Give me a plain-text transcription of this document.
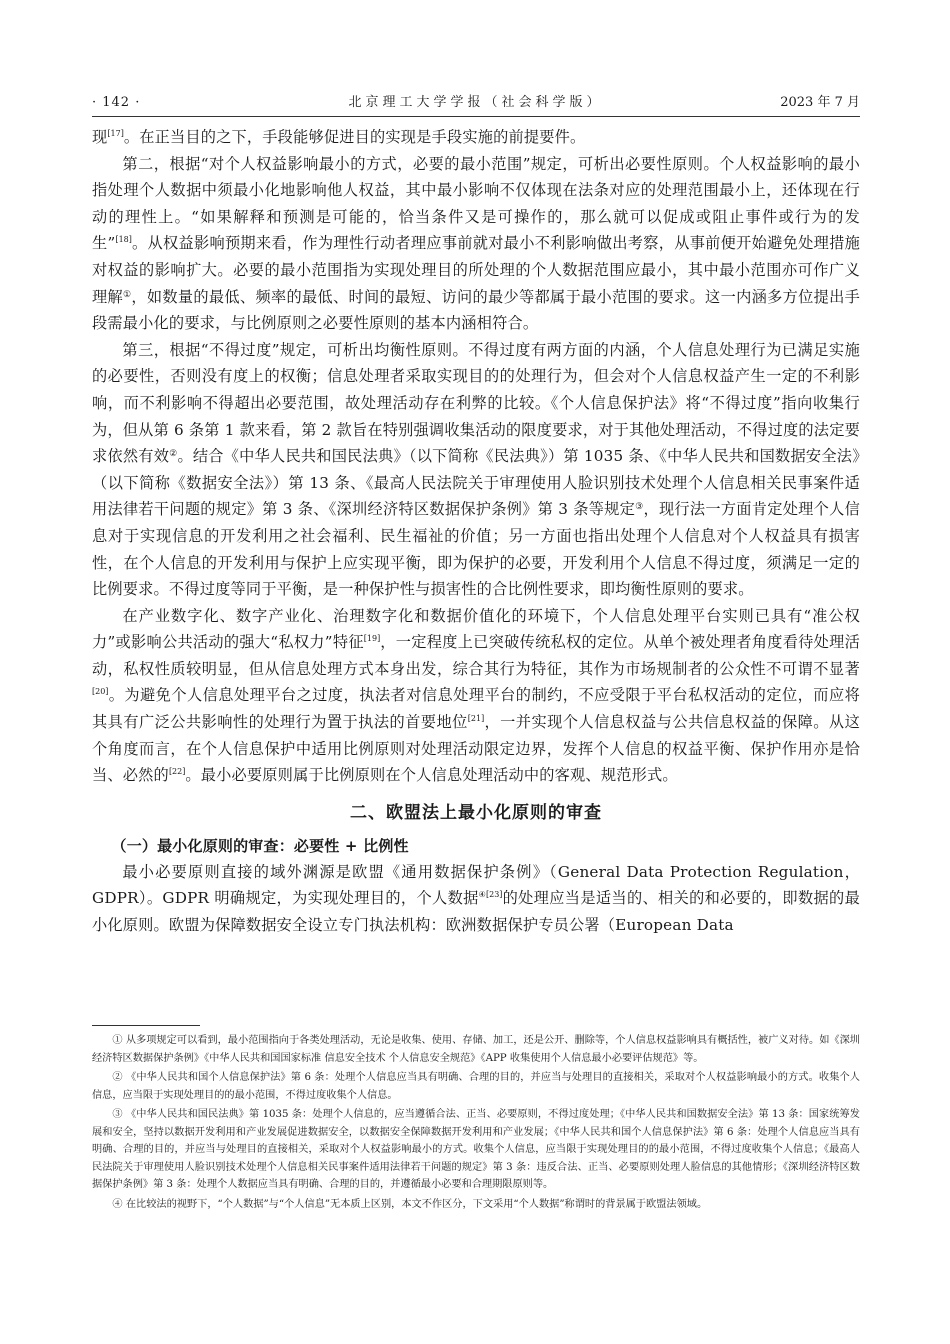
· 142 ·	北京理工大学学报（社会科学版）	2023 年 7 月

现[17]。在正当目的之下，手段能够促进目的实现是手段实施的前提要件。

第二，根据“对个人权益影响最小的方式，必要的最小范围”规定，可析出必要性原则。个人权益影响的最小指处理个人数据中须最小化地影响他人权益，其中最小影响不仅体现在法条对应的处理范围最小上，还体现在行动的理性上。“如果解释和预测是可能的，恰当条件又是可操作的，那么就可以促成或阻止事件或行为的发生”[18]。从权益影响预期来看，作为理性行动者理应事前就对最小不利影响做出考察，从事前便开始避免处理措施对权益的影响扩大。必要的最小范围指为实现处理目的所处理的个人数据范围应最小，其中最小范围亦可作广义理解①，如数量的最低、频率的最低、时间的最短、访问的最少等都属于最小范围的要求。这一内涵多方位提出手段需最小化的要求，与比例原则之必要性原则的基本内涵相符合。

第三，根据“不得过度”规定，可析出均衡性原则。不得过度有两方面的内涵，个人信息处理行为已满足实施的必要性，否则没有度上的权衡；信息处理者采取实现目的的处理行为，但会对个人信息权益产生一定的不利影响，而不利影响不得超出必要范围，故处理活动存在利弊的比较。《个人信息保护法》将“不得过度”指向收集行为，但从第 6 条第 1 款来看，第 2 款旨在特别强调收集活动的限度要求，对于其他处理活动，不得过度的法定要求依然有效②。结合《中华人民共和国民法典》（以下简称《民法典》）第 1035 条、《中华人民共和国数据安全法》（以下简称《数据安全法》）第 13 条、《最高人民法院关于审理使用人脸识别技术处理个人信息相关民事案件适用法律若干问题的规定》第 3 条、《深圳经济特区数据保护条例》第 3 条等规定③，现行法一方面肯定处理个人信息对于实现信息的开发利用之社会福利、民生福祉的价值；另一方面也指出处理个人信息对个人权益具有损害性，在个人信息的开发利用与保护上应实现平衡，即为保护的必要，开发利用个人信息不得过度，须满足一定的比例要求。不得过度等同于平衡，是一种保护性与损害性的合比例性要求，即均衡性原则的要求。

在产业数字化、数字产业化、治理数字化和数据价值化的环境下，个人信息处理平台实则已具有“准公权力”或影响公共活动的强大“私权力”特征[19]，一定程度上已突破传统私权的定位。从单个被处理者角度看待处理活动，私权性质较明显，但从信息处理方式本身出发，综合其行为特征，其作为市场规制者的公众性不可谓不显著[20]。为避免个人信息处理平台之过度，执法者对信息处理平台的制约，不应受限于平台私权活动的定位，而应将其具有广泛公共影响性的处理行为置于执法的首要地位[21]，一并实现个人信息权益与公共信息权益的保障。从这个角度而言，在个人信息保护中适用比例原则对处理活动限定边界，发挥个人信息的权益平衡、保护作用亦是恰当、必然的[22]。最小必要原则属于比例原则在个人信息处理活动中的客观、规范形式。

二、欧盟法上最小化原则的审查
（一）最小化原则的审查：必要性 + 比例性

最小必要原则直接的域外渊源是欧盟《通用数据保护条例》（General Data Protection Regulation，GDPR）。GDPR 明确规定，为实现处理目的，个人数据$^{④[23]}$的处理应当是适当的、相关的和必要的，即数据的最小化原则。欧盟为保障数据安全设立专门执法机构：欧洲数据保护专员公署（European Data

① 从多项规定可以看到，最小范围指向于各类处理活动，无论是收集、使用、存储、加工，还是公开、删除等，个人信息权益影响具有概括性，被广义对待。如《深圳经济特区数据保护条例》《中华人民共和国国家标准 信息安全技术 个人信息安全规范》《APP 收集使用个人信息最小必要评估规范》等。

② 《中华人民共和国个人信息保护法》第 6 条：处理个人信息应当具有明确、合理的目的，并应当与处理目的直接相关，采取对个人权益影响最小的方式。收集个人信息，应当限于实现处理目的的最小范围，不得过度收集个人信息。

③ 《中华人民共和国民法典》第 1035 条：处理个人信息的，应当遵循合法、正当、必要原则，不得过度处理；《中华人民共和国数据安全法》第 13 条：国家统筹发展和安全，坚持以数据开发利用和产业发展促进数据安全，以数据安全保障数据开发利用和产业发展；《中华人民共和国个人信息保护法》第 6 条：处理个人信息应当具有明确、合理的目的，并应当与处理目的直接相关，采取对个人权益影响最小的方式。收集个人信息，应当限于实现处理目的的最小范围，不得过度收集个人信息；《最高人民法院关于审理使用人脸识别技术处理个人信息相关民事案件适用法律若干问题的规定》第 3 条：违反合法、正当、必要原则处理人脸信息的其他情形；《深圳经济特区数据保护条例》第 3 条：处理个人数据应当具有明确、合理的目的，并遵循最小必要和合理期限原则等。

④ 在比较法的视野下，“个人数据”与“个人信息”无本质上区别，本文不作区分，下文采用“个人数据”称谓时的背景属于欧盟法领域。
